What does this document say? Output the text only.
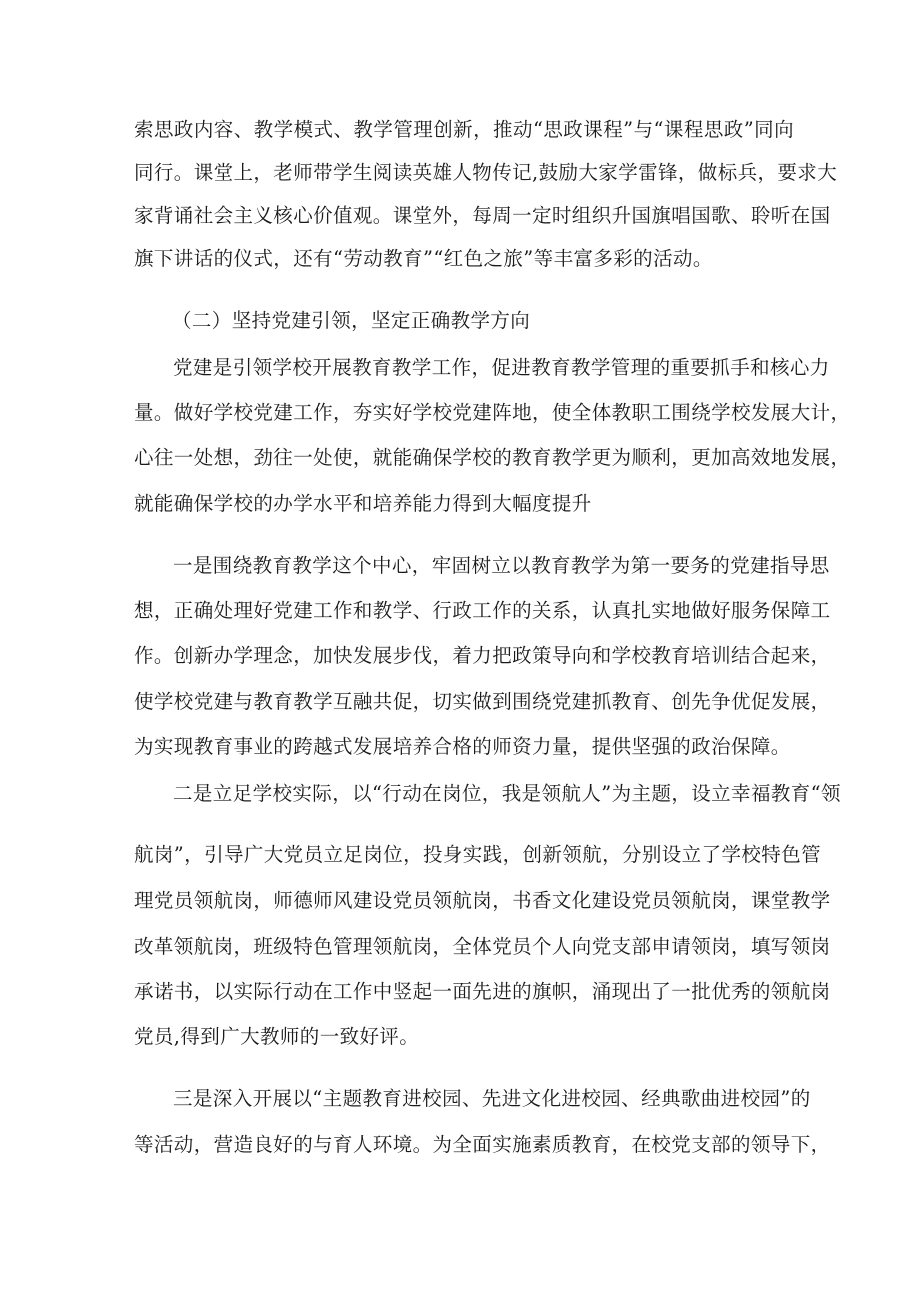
索思政内容、教学模式、教学管理创新，推动“思政课程”与“课程思政”同向
同行。课堂上，老师带学生阅读英雄人物传记,鼓励大家学雷锋，做标兵，要求大
家背诵社会主义核心价值观。课堂外，每周一定时组织升国旗唱国歌、聆听在国
旗下讲话的仪式，还有“劳动教育”“红色之旅”等丰富多彩的活动。
（二）坚持党建引领，坚定正确教学方向
党建是引领学校开展教育教学工作，促进教育教学管理的重要抓手和核心力
量。做好学校党建工作，夯实好学校党建阵地，使全体教职工围绕学校发展大计，
心往一处想，劲往一处使，就能确保学校的教育教学更为顺利，更加高效地发展，
就能确保学校的办学水平和培养能力得到大幅度提升
一是围绕教育教学这个中心，牢固树立以教育教学为第一要务的党建指导思
想，正确处理好党建工作和教学、行政工作的关系，认真扎实地做好服务保障工
作。创新办学理念，加快发展步伐，着力把政策导向和学校教育培训结合起来，
使学校党建与教育教学互融共促，切实做到围绕党建抓教育、创先争优促发展，
为实现教育事业的跨越式发展培养合格的师资力量，提供坚强的政治保障。
二是立足学校实际，以“行动在岗位，我是领航人”为主题，设立幸福教育“领
航岗”，引导广大党员立足岗位，投身实践，创新领航，分别设立了学校特色管
理党员领航岗，师德师风建设党员领航岗，书香文化建设党员领航岗，课堂教学
改革领航岗，班级特色管理领航岗，全体党员个人向党支部申请领岗，填写领岗
承诺书，以实际行动在工作中竖起一面先进的旗帜，涌现出了一批优秀的领航岗
党员,得到广大教师的一致好评。
三是深入开展以“主题教育进校园、先进文化进校园、经典歌曲进校园”的
等活动，营造良好的与育人环境。为全面实施素质教育，在校党支部的领导下，
